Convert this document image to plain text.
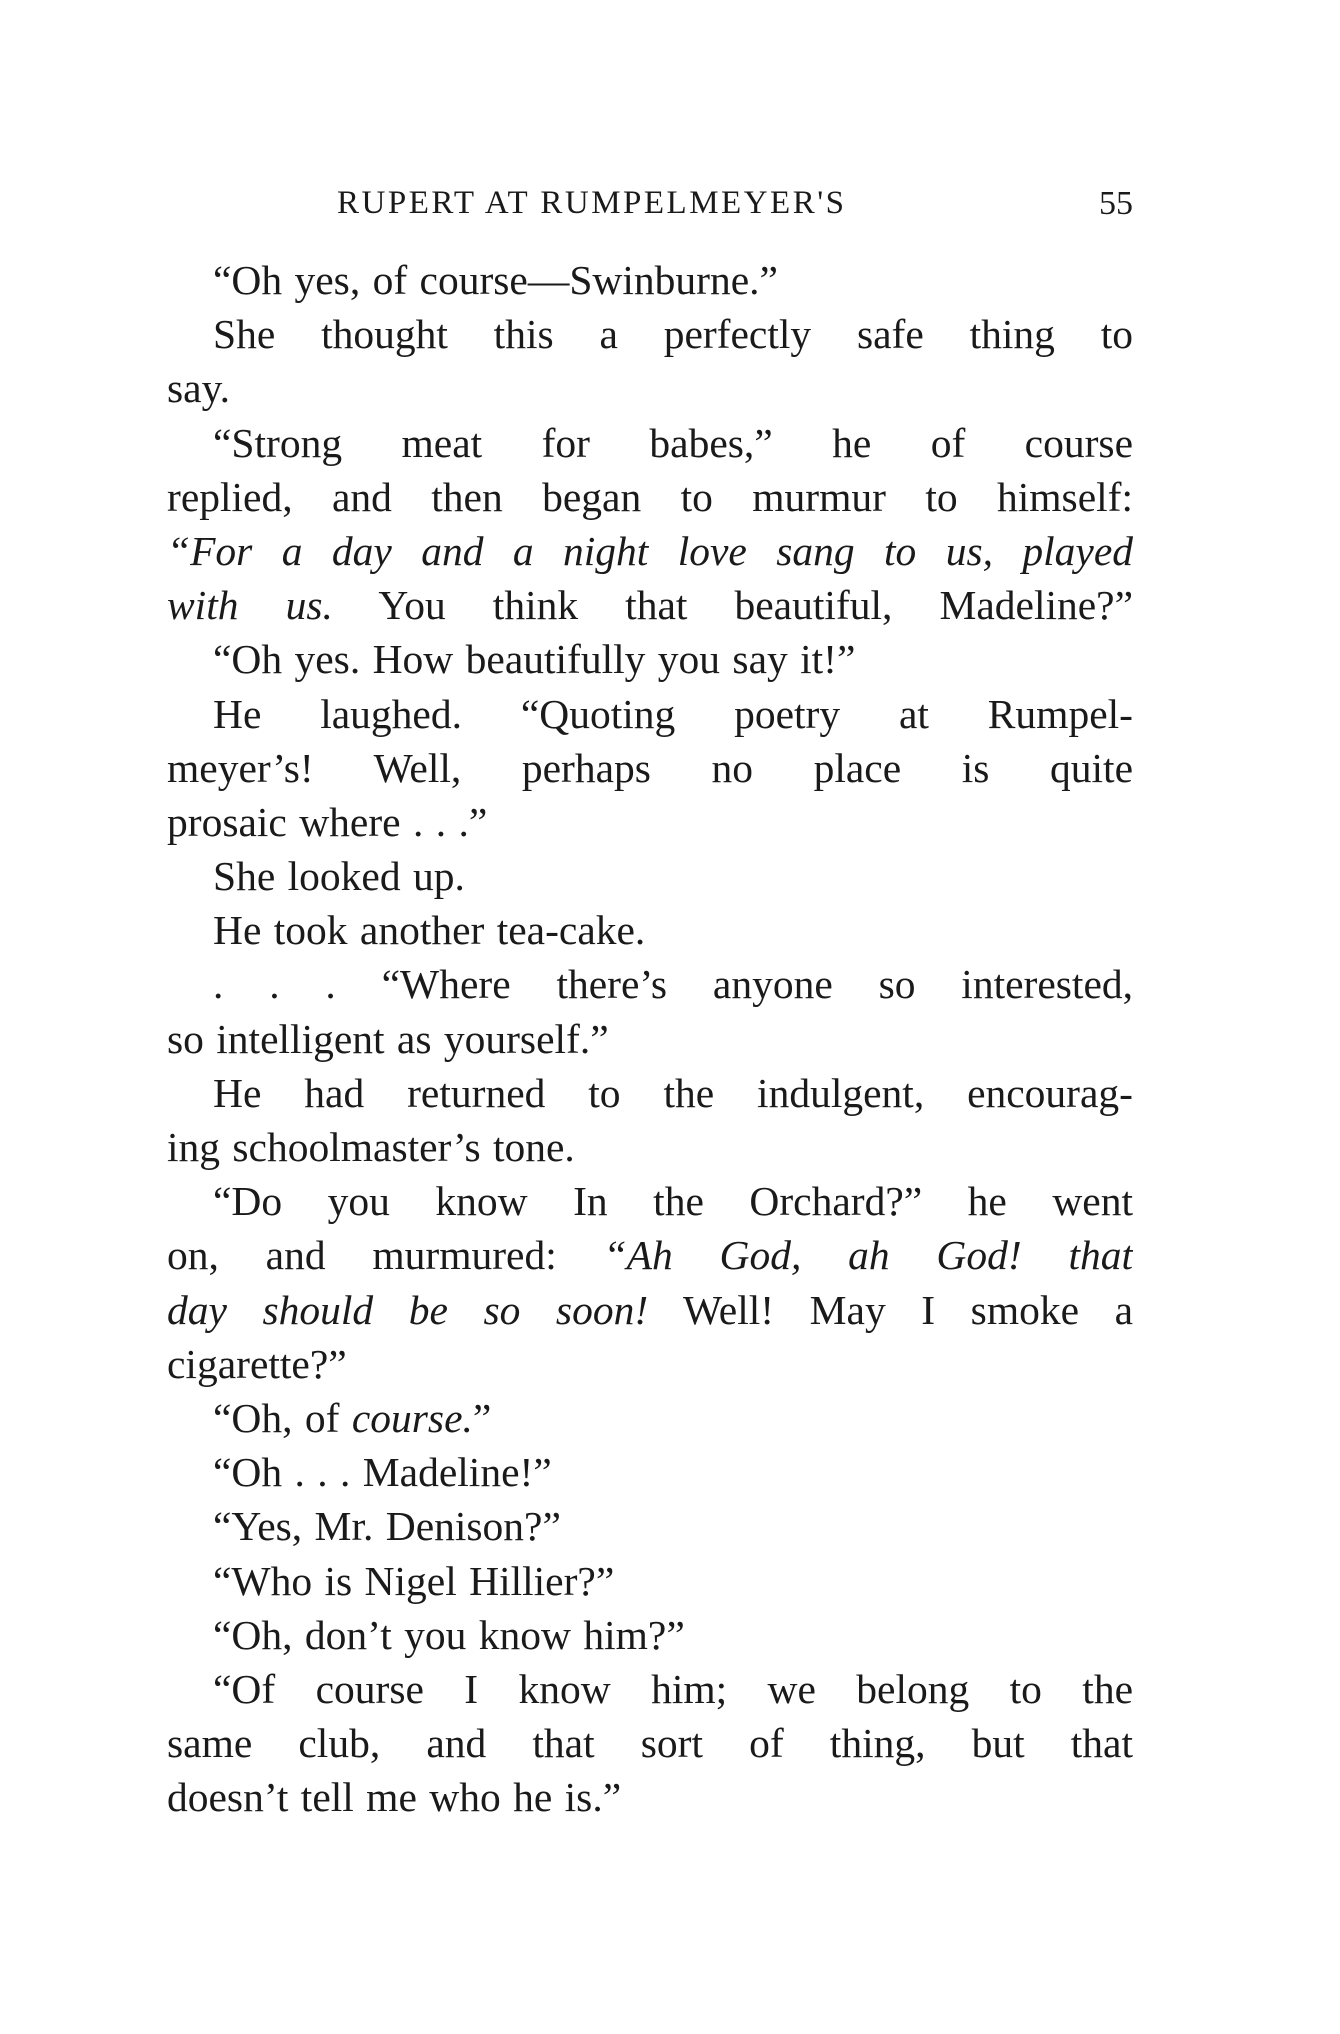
RUPERT AT RUMPELMEYER'S	55
“Oh yes, of course—Swinburne.”
She thought this a perfectly safe thing to
say.
“Strong meat for babes,” he of course
replied, and then began to murmur to himself:
“For a day and a night love sang to us, played
with us. You think that beautiful, Madeline?”
“Oh yes. How beautifully you say it!”
He laughed. “Quoting poetry at Rumpel-
meyer’s! Well, perhaps no place is quite
prosaic where . . .”
She looked up.
He took another tea-cake.
. . . “Where there’s anyone so interested,
so intelligent as yourself.”
He had returned to the indulgent, encourag-
ing schoolmaster’s tone.
“Do you know In the Orchard?” he went
on, and murmured: “Ah God, ah God! that
day should be so soon! Well! May I smoke a
cigarette?”
“Oh, of course.”
“Oh . . . Madeline!”
“Yes, Mr. Denison?”
“Who is Nigel Hillier?”
“Oh, don’t you know him?”
“Of course I know him; we belong to the
same club, and that sort of thing, but that
doesn’t tell me who he is.”
